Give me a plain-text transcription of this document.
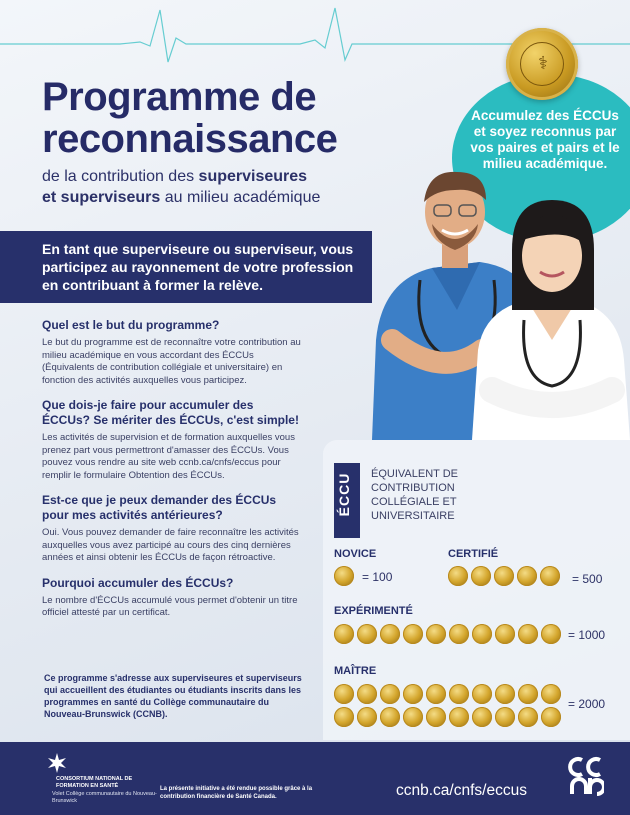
Programme de
reconnaissance
de la contribution des superviseures
et superviseurs au milieu académique
Accumulez des ÉCCUs et soyez reconnus par vos paires et pairs et le milieu académique.
⚕
En tant que superviseure ou superviseur, vous participez au rayonnement de votre profession en contribuant à former la relève.
Quel est le but du programme?
Le but du programme est de reconnaître votre contribution au milieu académique en vous accordant des ÉCCUs (Équivalents de contribution collégiale et universitaire) en fonction des activités auxquelles vous participez.
Que dois-je faire pour accumuler des ÉCCUs? Se mériter des ÉCCUs, c'est simple!
Les activités de supervision et de formation auxquelles vous prenez part vous permettront d'amasser des ÉCCUs. Vous pouvez vous rendre au site web ccnb.ca/cnfs/eccus pour remplir le formulaire Obtention des ÉCCUs.
Est-ce que je peux demander des ÉCCUs pour mes activités antérieures?
Oui. Vous pouvez demander de faire reconnaître les activités auxquelles vous avez participé au cours des cinq dernières années et ainsi obtenir les ÉCCUs de façon rétroactive.
Pourquoi accumuler des ÉCCUs?
Le nombre d'ÉCCUs accumulé vous permet d'obtenir un titre officiel attesté par un certificat.
Ce programme s'adresse aux superviseures et superviseurs qui accueillent des étudiantes ou étudiants inscrits dans les programmes en santé du Collège communautaire du Nouveau-Brunswick (CCNB).
ÉCCU ÉQUIVALENT DE
CONTRIBUTION
COLLÉGIALE ET
UNIVERSITAIRE
NOVICE
= 100
CERTIFIÉ
= 500
EXPÉRIMENTÉ
= 1000
MAÎTRE
= 2000
CONSORTIUM NATIONAL DE FORMATION EN SANTÉ
Volet Collège communautaire du Nouveau-Brunswick
La présente initiative a été rendue possible grâce à la contribution financière de Santé Canada.	ccnb.ca/cnfs/eccus
